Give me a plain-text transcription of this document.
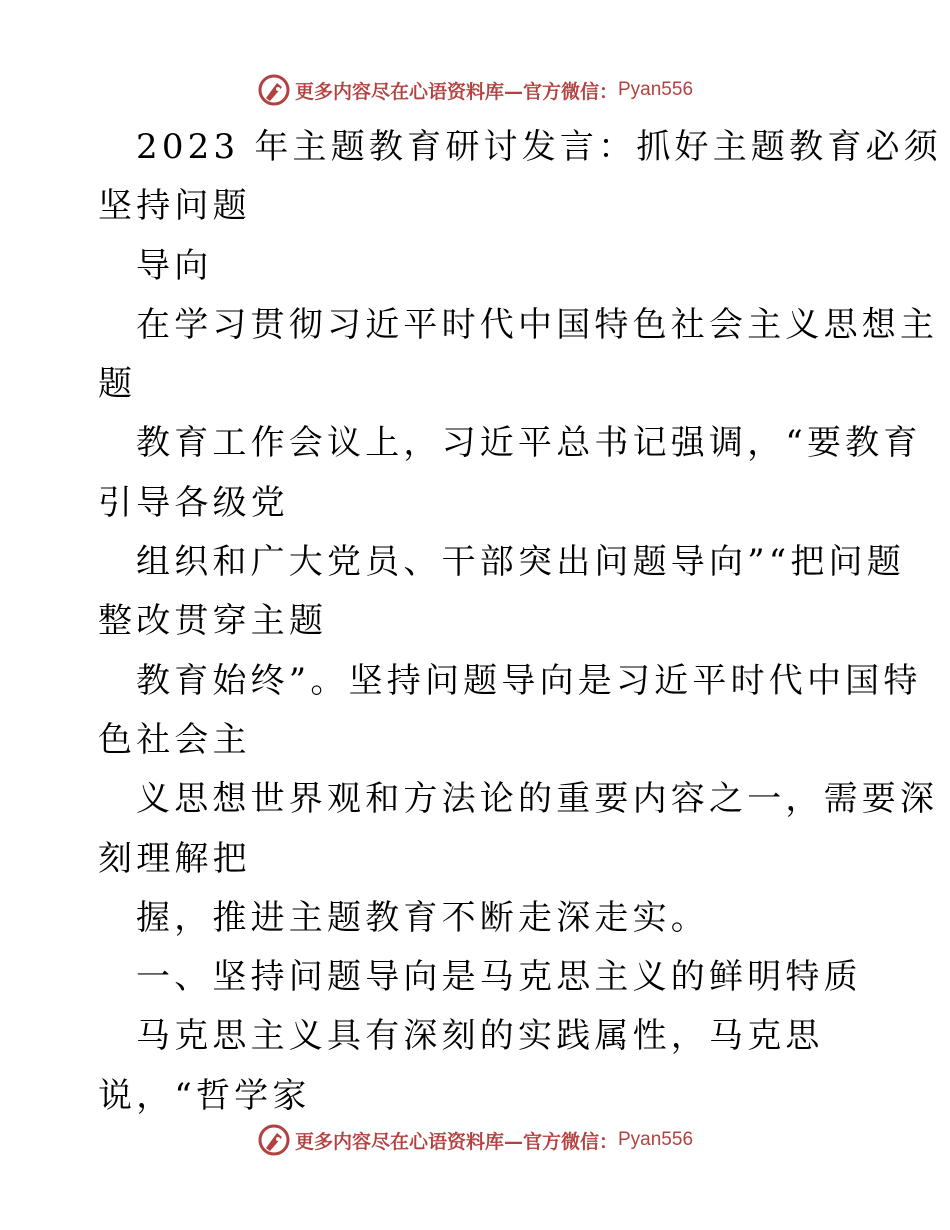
更多内容尽在心语资料库—官方微信： Pyan556
2023 年主题教育研讨发言：抓好主题教育必须
坚持问题
导向
在学习贯彻习近平时代中国特色社会主义思想主
题
教育工作会议上，习近平总书记强调，“要教育
引导各级党
组织和广大党员、干部突出问题导向”“把问题
整改贯穿主题
教育始终”。坚持问题导向是习近平时代中国特
色社会主
义思想世界观和方法论的重要内容之一，需要深
刻理解把
握，推进主题教育不断走深走实。
一、坚持问题导向是马克思主义的鲜明特质
马克思主义具有深刻的实践属性，马克思
说，“哲学家
更多内容尽在心语资料库—官方微信： Pyan556
